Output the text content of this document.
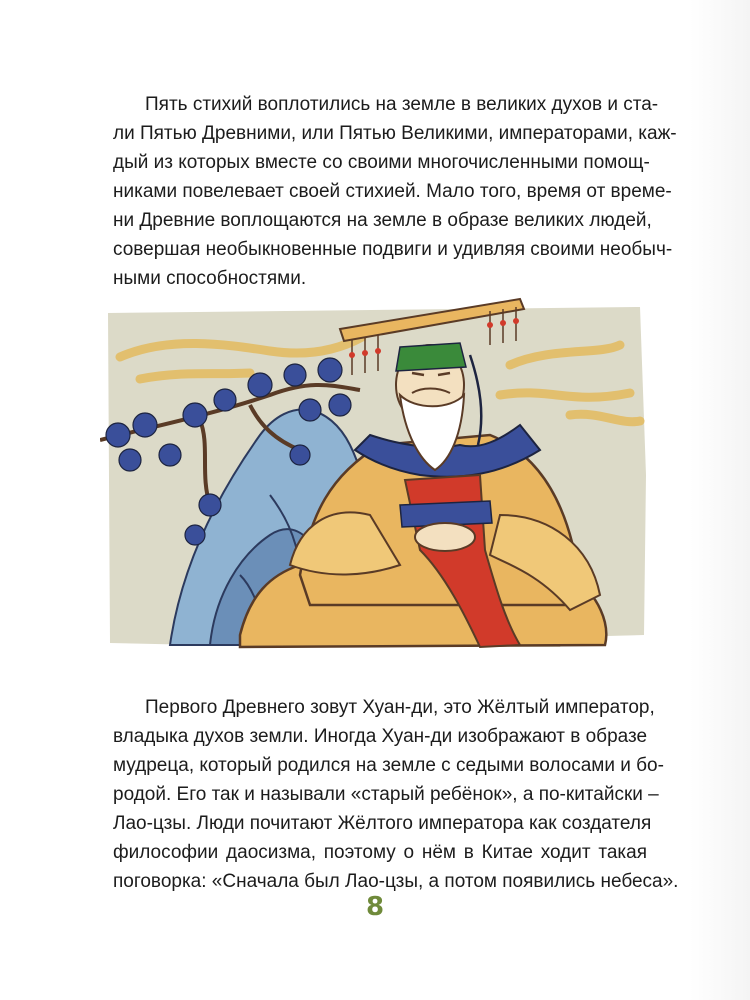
Пять стихий воплотились на земле в великих духов и ста-
ли Пятью Древними, или Пятью Великими, императорами, каж-
дый из которых вместе со своими многочисленными помощ-
никами повелевает своей стихией. Мало того, время от време-
ни Древние воплощаются на земле в образе великих людей,
совершая необыкновенные подвиги и удивляя своими необыч-
ными способностями.

Первого Древнего зовут Хуан-ди, это Жёлтый император,
владыка духов земли. Иногда Хуан-ди изображают в образе
мудреца, который родился на земле с седыми волосами и бо-
родой. Его так и называли «старый ребёнок», а по-китайски –
Лао-цзы. Люди почитают Жёлтого императора как создателя
философии даосизма, поэтому о нём в Китае ходит такая
поговорка: «Сначала был Лао-цзы, а потом появились небеса».

8
